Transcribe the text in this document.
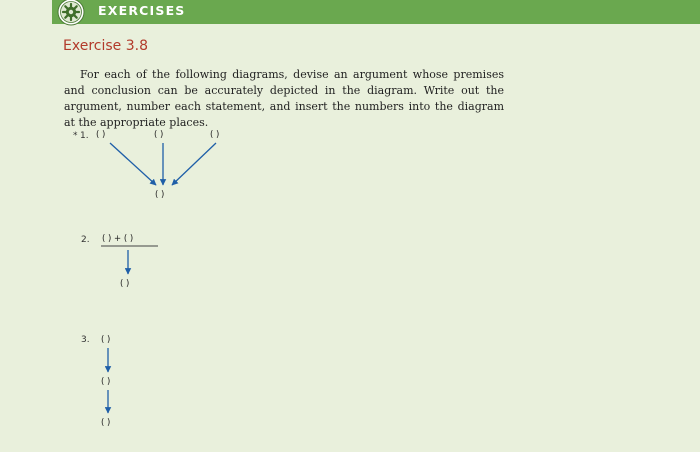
EXERCISES
Exercise 3.8
For each of the following diagrams, devise an argument whose premises and conclusion can be accurately depicted in the diagram. Write out the argument, number each statement, and insert the numbers into the diagram at the appropriate places.
* 1. ( )	( )	( )
( )
2. ( ) + ( )
( )
3. ( )
( )
( )
